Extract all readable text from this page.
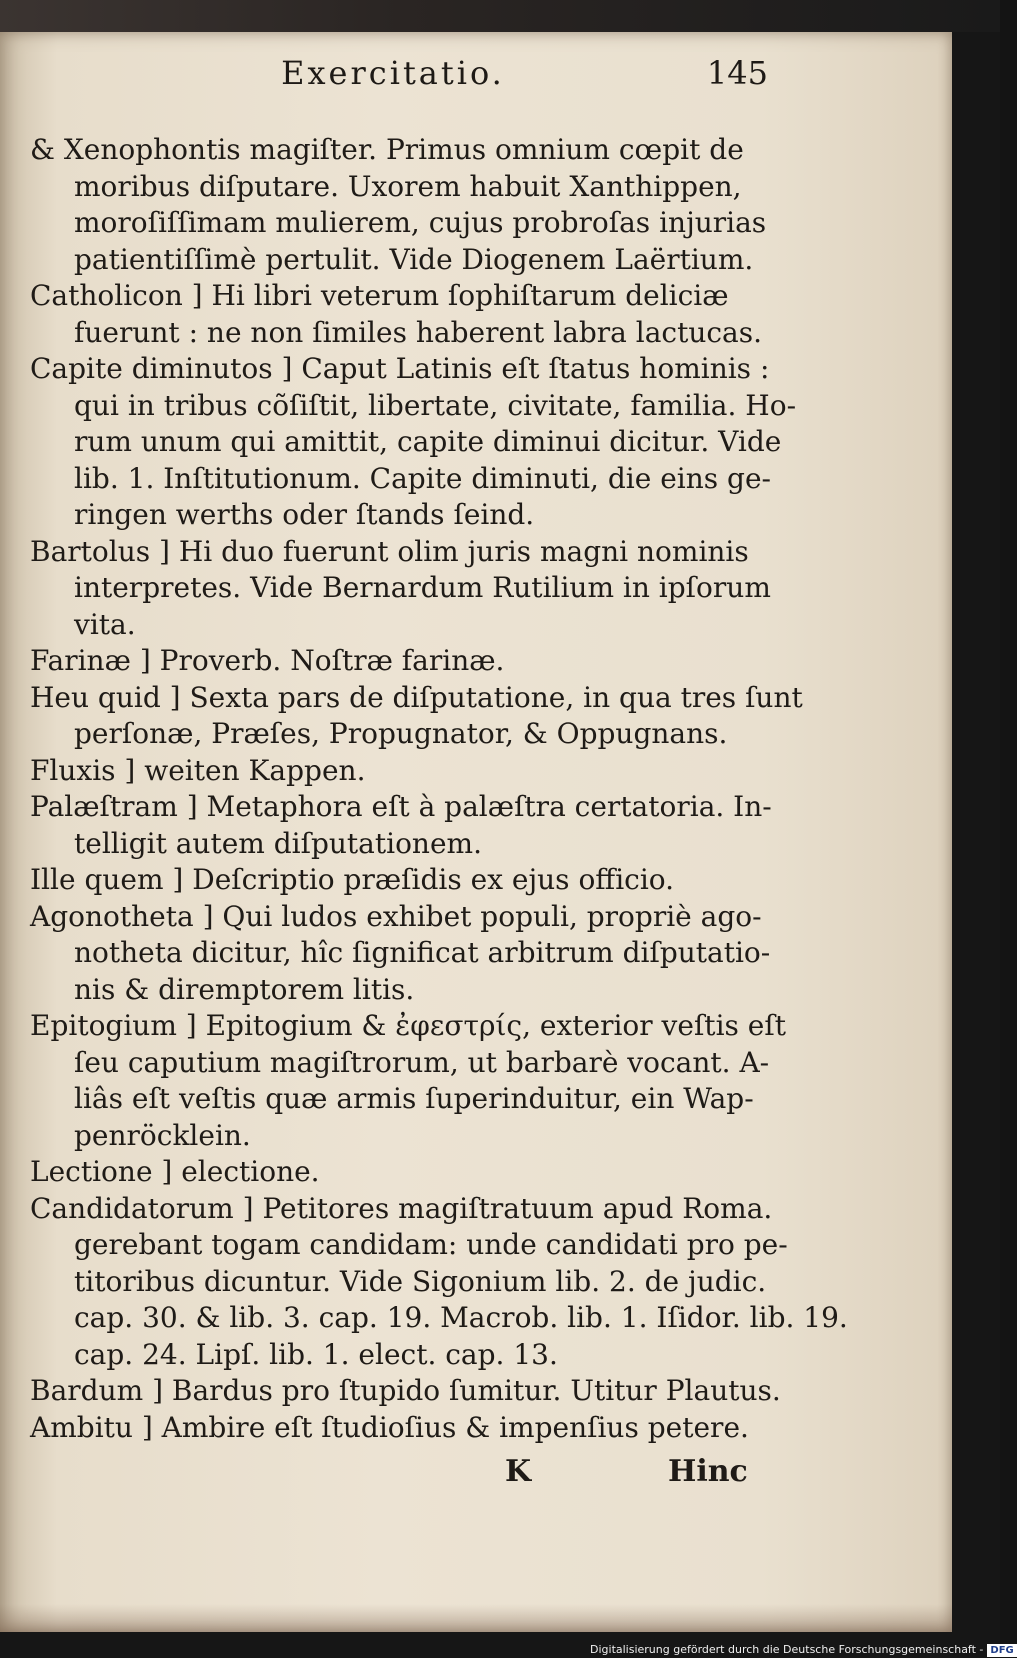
Exercitatio.	145
& Xenophontis magiſter. Primus omnium cœpit de
moribus diſputare. Uxorem habuit Xanthippen,
moroſiſſimam mulierem, cujus probroſas injurias
patientiſſimè pertulit. Vide Diogenem Laërtium.
Catholicon ] Hi libri veterum ſophiſtarum deliciæ
fuerunt : ne non ſimiles haberent labra lactucas.
Capite diminutos ] Caput Latinis eſt ſtatus hominis :
qui in tribus cõſiſtit, libertate, civitate, familia. Ho-
rum unum qui amittit, capite diminui dicitur. Vide
lib. 1. Inſtitutionum. Capite diminuti, die eins ge-
ringen werths oder ſtands ſeind.
Bartolus ] Hi duo fuerunt olim juris magni nominis
interpretes. Vide Bernardum Rutilium in ipſorum
vita.
Farinæ ] Proverb. Noſtræ farinæ.
Heu quid ] Sexta pars de diſputatione, in qua tres ſunt
perſonæ, Præſes, Propugnator, & Oppugnans.
Fluxis ] weiten Kappen.
Palæſtram ] Metaphora eſt à palæſtra certatoria. In-
telligit autem diſputationem.
Ille quem ] Deſcriptio præſidis ex ejus officio.
Agonotheta ] Qui ludos exhibet populi, propriè ago-
notheta dicitur, hîc ſignificat arbitrum diſputatio-
nis & diremptorem litis.
Epitogium ] Epitogium & ἐφεστρίς, exterior veſtis eſt
ſeu caputium magiſtrorum, ut barbarè vocant. A-
liâs eſt veſtis quæ armis ſuperinduitur, ein Wap-
penröcklein.
Lectione ] electione.
Candidatorum ] Petitores magiſtratuum apud Roma.
gerebant togam candidam: unde candidati pro pe-
titoribus dicuntur. Vide Sigonium lib. 2. de judic.
cap. 30. & lib. 3. cap. 19. Macrob. lib. 1. Iſidor. lib. 19.
cap. 24. Lipſ. lib. 1. elect. cap. 13.
Bardum ] Bardus pro ſtupido ſumitur. Utitur Plautus.
Ambitu ] Ambire eſt ſtudioſius & impenſius petere.
K	Hinc
Digitalisierung gefördert durch die Deutsche Forschungsgemeinschaft - DFG
